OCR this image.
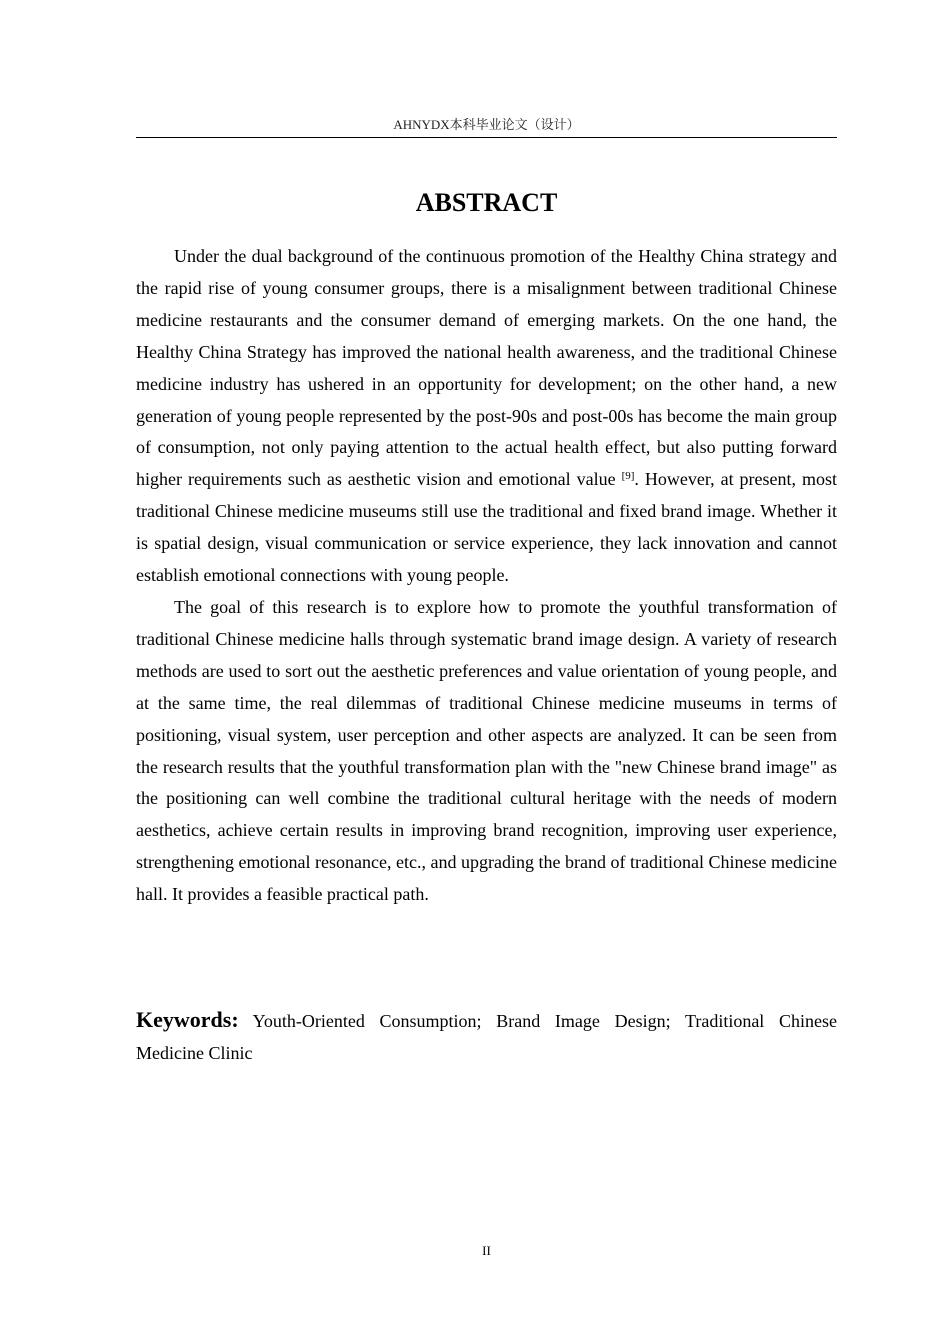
AHNYDX本科毕业论文（设计）
ABSTRACT

Under the dual background of the continuous promotion of the Healthy China strategy and the rapid rise of young consumer groups, there is a misalignment between traditional Chinese medicine restaurants and the consumer demand of emerging markets. On the one hand, the Healthy China Strategy has improved the national health awareness, and the traditional Chinese medicine industry has ushered in an opportunity for development; on the other hand, a new generation of young people represented by the post-90s and post-00s has become the main group of consumption, not only paying attention to the actual health effect, but also putting forward higher requirements such as aesthetic vision and emotional value [9]. However, at present, most traditional Chinese medicine museums still use the traditional and fixed brand image. Whether it is spatial design, visual communication or service experience, they lack innovation and cannot establish emotional connections with young people.

The goal of this research is to explore how to promote the youthful transformation of traditional Chinese medicine halls through systematic brand image design. A variety of research methods are used to sort out the aesthetic preferences and value orientation of young people, and at the same time, the real dilemmas of traditional Chinese medicine museums in terms of positioning, visual system, user perception and other aspects are analyzed. It can be seen from the research results that the youthful transformation plan with the "new Chinese brand image" as the positioning can well combine the traditional cultural heritage with the needs of modern aesthetics, achieve certain results in improving brand recognition, improving user experience, strengthening emotional resonance, etc., and upgrading the brand of traditional Chinese medicine hall. It provides a feasible practical path.

Keywords: Youth-Oriented Consumption; Brand Image Design; Traditional Chinese Medicine Clinic

II
